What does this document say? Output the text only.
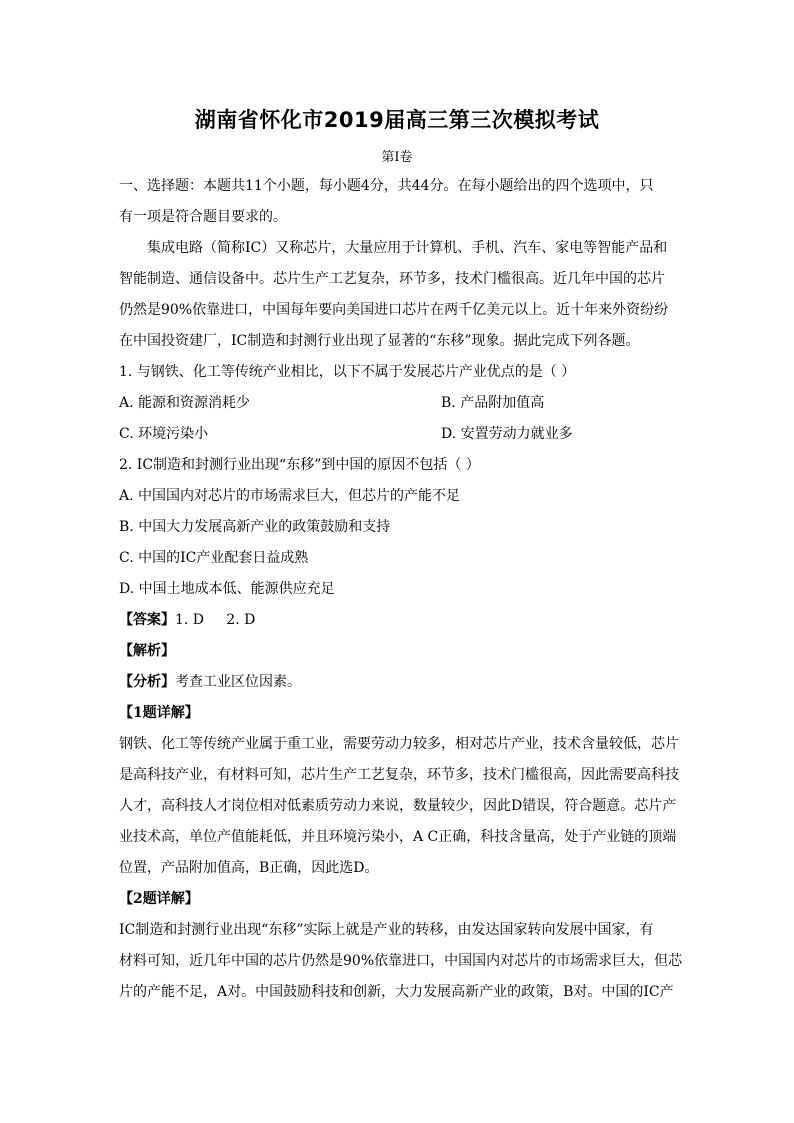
湖南省怀化市2019届高三第三次模拟考试
第I卷
一、选择题：本题共11个小题，每小题4分，共44分。在每小题给出的四个选项中，只
有一项是符合题目要求的。
集成电路（简称IC）又称芯片，大量应用于计算机、手机、汽车、家电等智能产品和
智能制造、通信设备中。芯片生产工艺复杂，环节多，技术门槛很高。近几年中国的芯片
仍然是90%依靠进口，中国每年要向美国进口芯片在两千亿美元以上。近十年来外资纷纷
在中国投资建厂，IC制造和封测行业出现了显著的“东移”现象。据此完成下列各题。
1. 与钢铁、化工等传统产业相比，以下不属于发展芯片产业优点的是（ ）
A. 能源和资源消耗少	B. 产品附加值高
C. 环境污染小	D. 安置劳动力就业多
2. IC制造和封测行业出现“东移”到中国的原因不包括（ ）
A. 中国国内对芯片的市场需求巨大，但芯片的产能不足
B. 中国大力发展高新产业的政策鼓励和支持
C. 中国的IC产业配套日益成熟
D. 中国土地成本低、能源供应充足
【答案】1. D     2. D
【解析】
【分析】考查工业区位因素。
【1题详解】
钢铁、化工等传统产业属于重工业，需要劳动力较多，相对芯片产业，技术含量较低，芯片
是高科技产业，有材料可知，芯片生产工艺复杂，环节多，技术门槛很高，因此需要高科技
人才，高科技人才岗位相对低素质劳动力来说，数量较少，因此D错误，符合题意。芯片产
业技术高，单位产值能耗低，并且环境污染小，A C正确，科技含量高，处于产业链的顶端
位置，产品附加值高，B正确，因此选D。
【2题详解】
IC制造和封测行业出现“东移”实际上就是产业的转移，由发达国家转向发展中国家，有
材料可知，近几年中国的芯片仍然是90%依靠进口，中国国内对芯片的市场需求巨大，但芯
片的产能不足，A对。中国鼓励科技和创新，大力发展高新产业的政策，B对。中国的IC产
